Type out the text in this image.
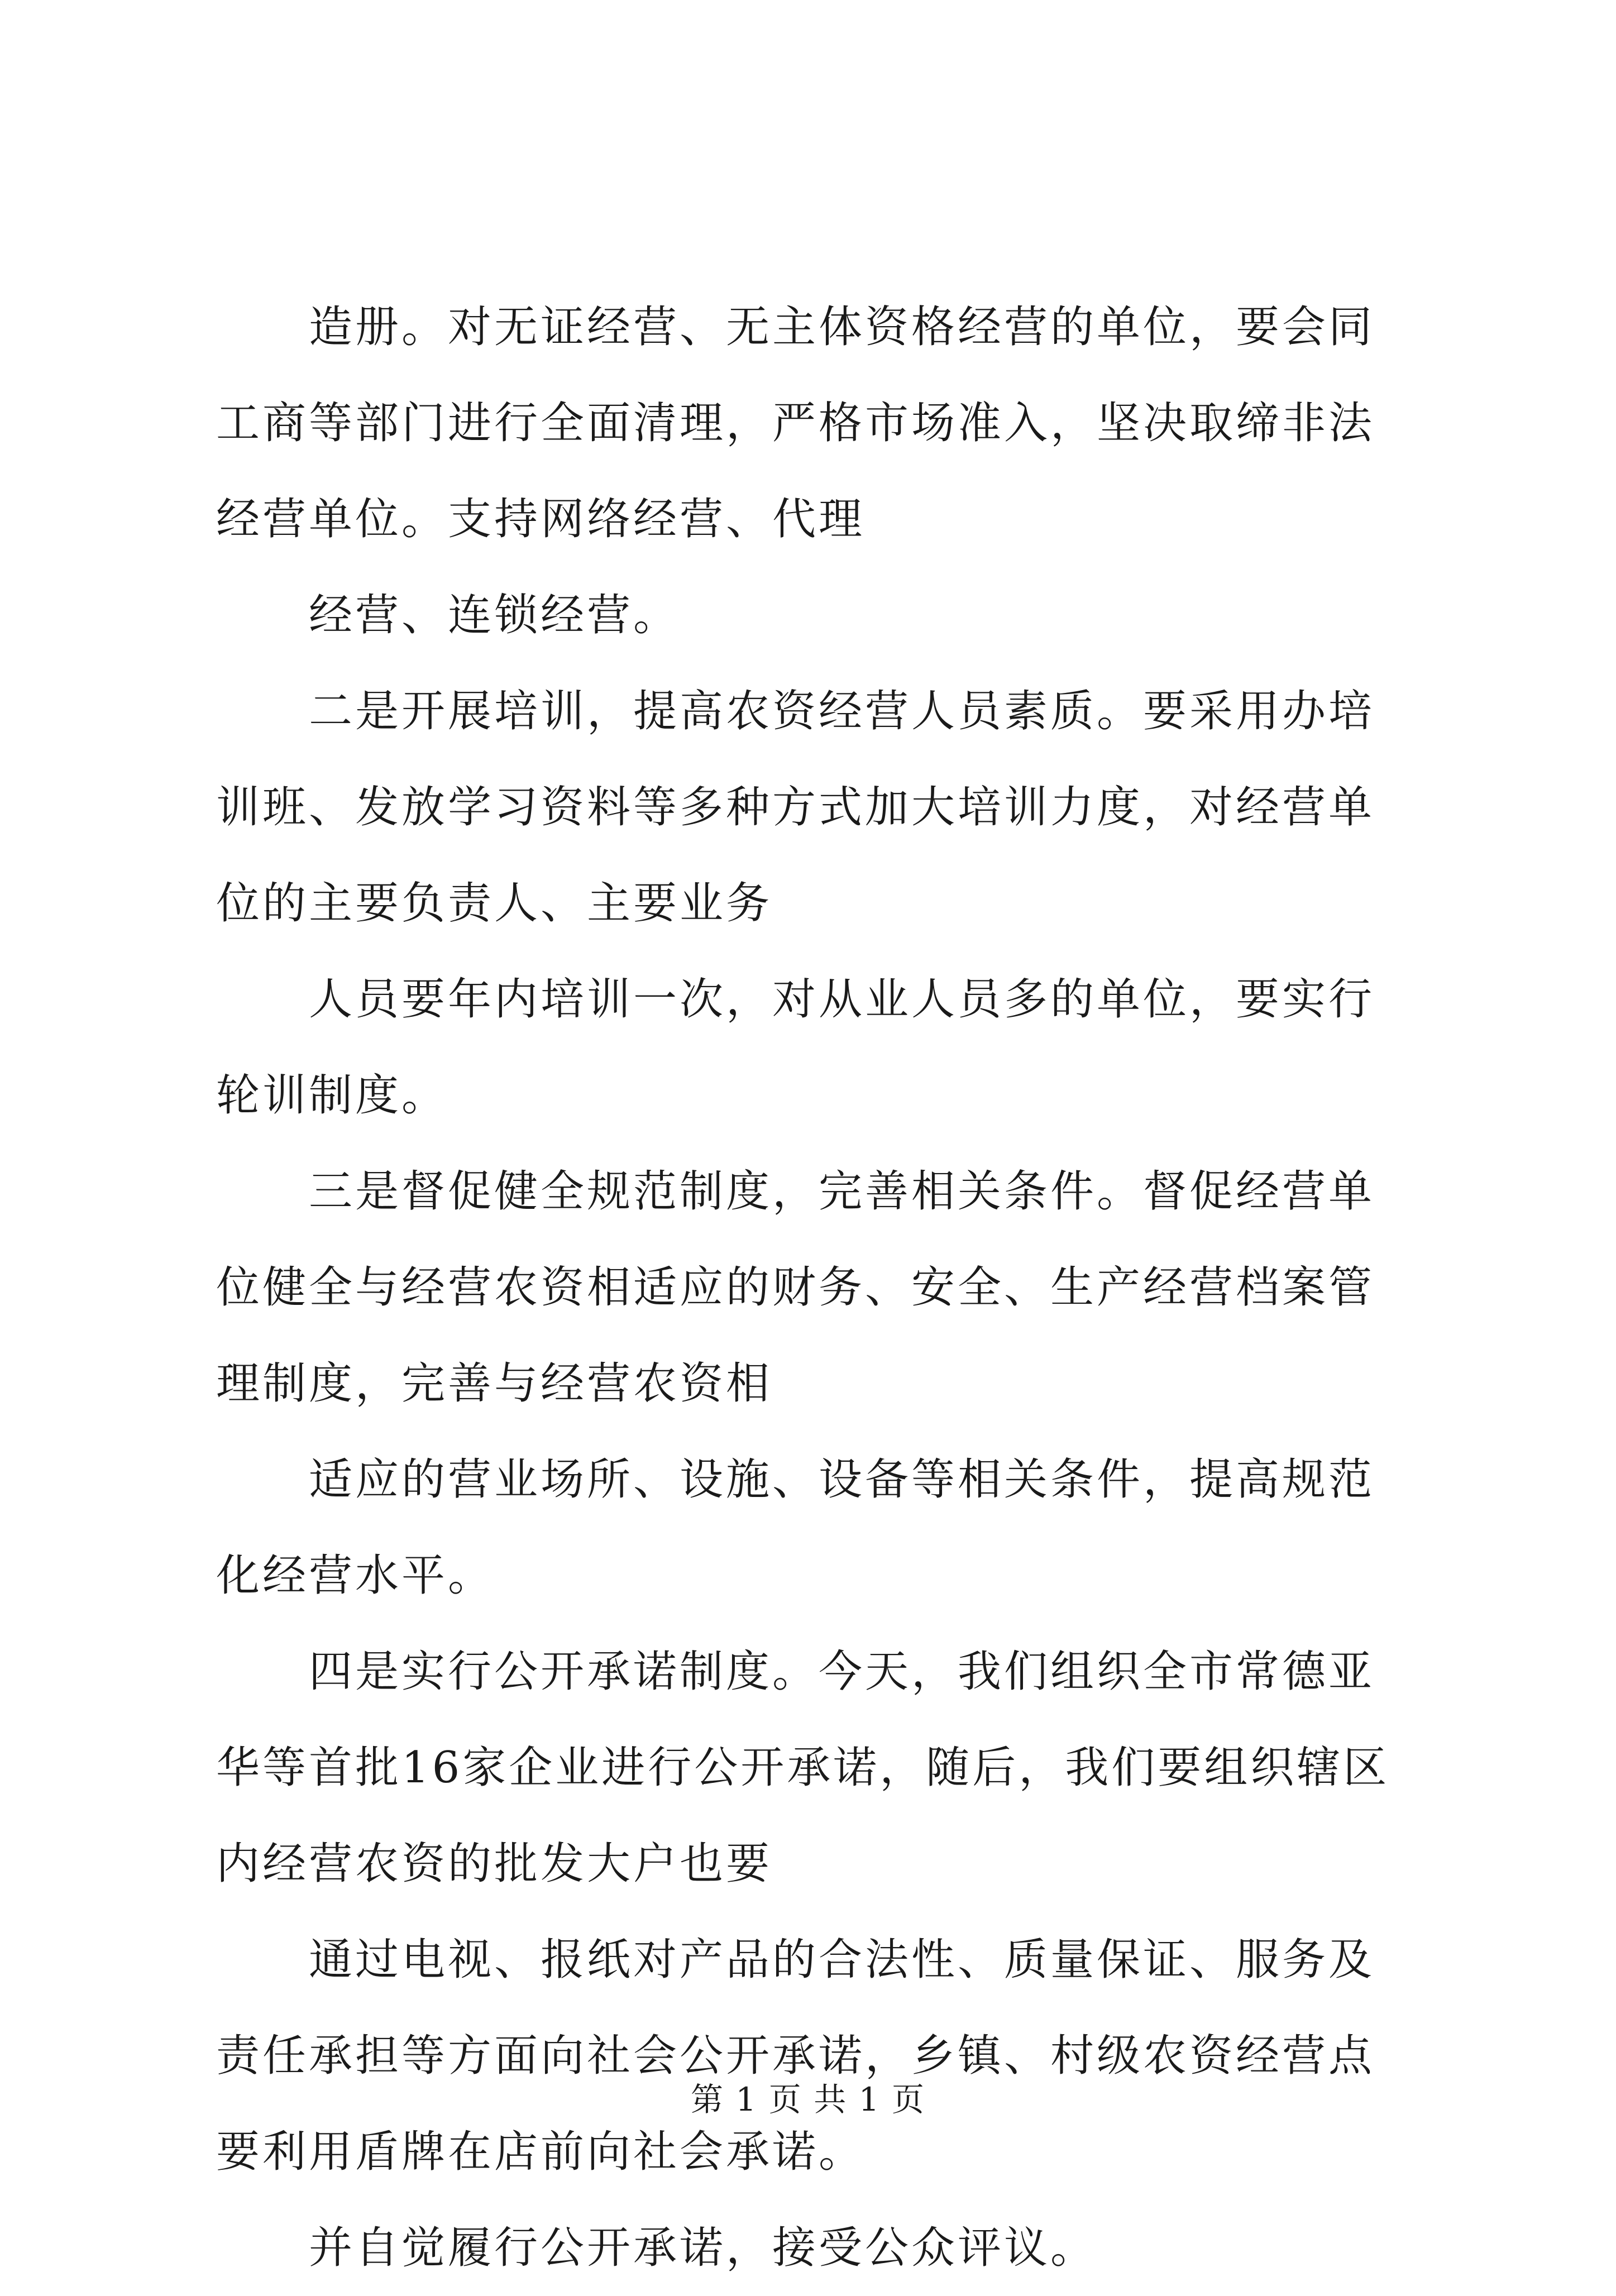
造册。对无证经营、无主体资格经营的单位，要会同工商等部门进行全面清理，严格市场准入，坚决取缔非法经营单位。支持网络经营、代理

经营、连锁经营。

二是开展培训，提高农资经营人员素质。要采用办培训班、发放学习资料等多种方式加大培训力度，对经营单位的主要负责人、主要业务

人员要年内培训一次，对从业人员多的单位，要实行轮训制度。

三是督促健全规范制度，完善相关条件。督促经营单位健全与经营农资相适应的财务、安全、生产经营档案管理制度，完善与经营农资相

适应的营业场所、设施、设备等相关条件，提高规范化经营水平。

四是实行公开承诺制度。今天，我们组织全市常德亚华等首批16家企业进行公开承诺，随后，我们要组织辖区内经营农资的批发大户也要

通过电视、报纸对产品的合法性、质量保证、服务及责任承担等方面向社会公开承诺，乡镇、村级农资经营点要利用盾牌在店前向社会承诺。

并自觉履行公开承诺，接受公众评议。

第 1 页 共 1 页
